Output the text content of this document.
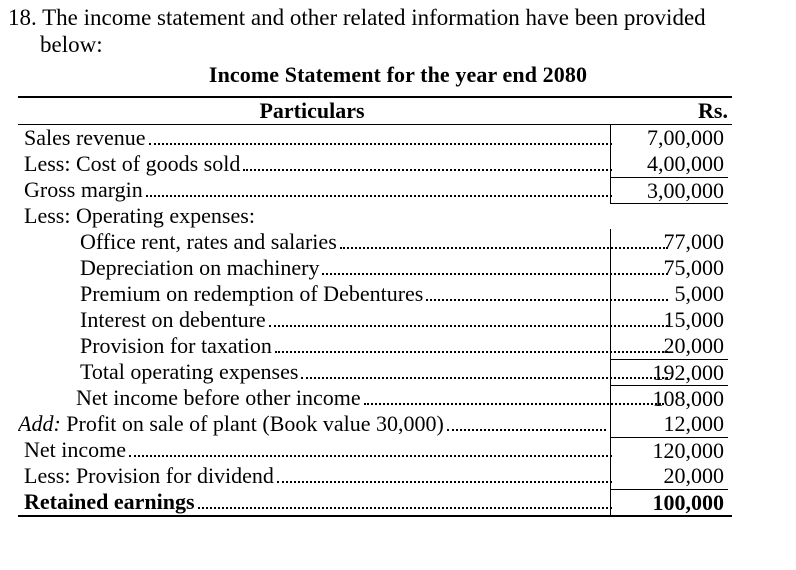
18. The income statement and other related information have been provided
below:
Income Statement for the year end 2080
Particulars	Rs.
Sales revenue	7,00,000
Less: Cost of goods sold	4,00,000
Gross margin	3,00,000
Less: Operating expenses:
Office rent, rates and salaries	77,000
Depreciation on machinery	75,000
Premium on redemption of Debentures	5,000
Interest on debenture	15,000
Provision for taxation	20,000
Total operating expenses	192,000
Net income before other income	108,000
Add: Profit on sale of plant (Book value 30,000)	12,000
Net income	120,000
Less: Provision for dividend	20,000
Retained earnings	100,000
